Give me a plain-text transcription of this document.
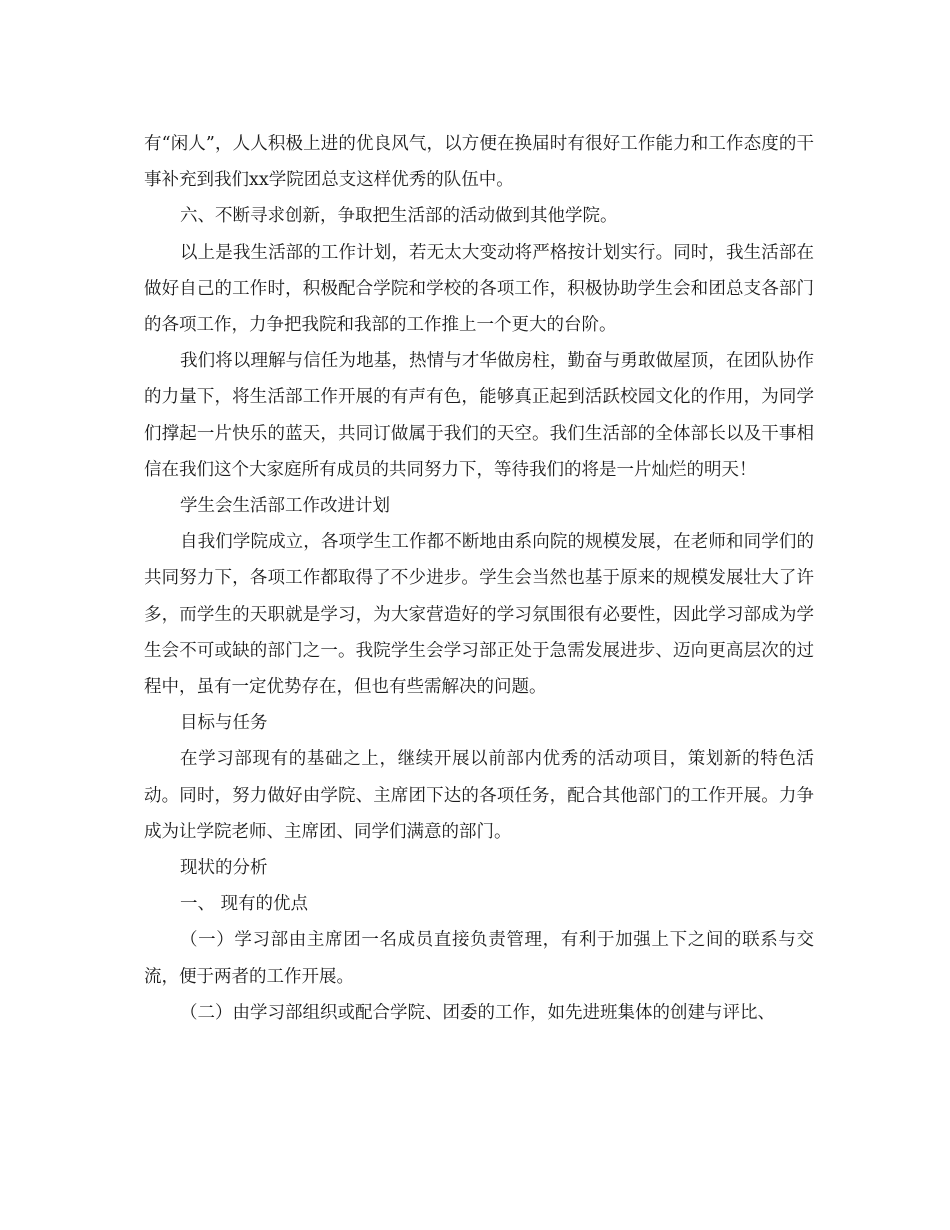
有“闲人”，人人积极上进的优良风气，以方便在换届时有很好工作能力和工作态度的干事补充到我们xx学院团总支这样优秀的队伍中。

六、不断寻求创新，争取把生活部的活动做到其他学院。

以上是我生活部的工作计划，若无太大变动将严格按计划实行。同时，我生活部在做好自己的工作时，积极配合学院和学校的各项工作，积极协助学生会和团总支各部门的各项工作，力争把我院和我部的工作推上一个更大的台阶。

我们将以理解与信任为地基，热情与才华做房柱，勤奋与勇敢做屋顶，在团队协作的力量下，将生活部工作开展的有声有色，能够真正起到活跃校园文化的作用，为同学们撑起一片快乐的蓝天，共同订做属于我们的天空。我们生活部的全体部长以及干事相信在我们这个大家庭所有成员的共同努力下，等待我们的将是一片灿烂的明天！

学生会生活部工作改进计划

自我们学院成立，各项学生工作都不断地由系向院的规模发展，在老师和同学们的共同努力下，各项工作都取得了不少进步。学生会当然也基于原来的规模发展壮大了许多，而学生的天职就是学习，为大家营造好的学习氛围很有必要性，因此学习部成为学生会不可或缺的部门之一。我院学生会学习部正处于急需发展进步、迈向更高层次的过程中，虽有一定优势存在，但也有些需解决的问题。

目标与任务

在学习部现有的基础之上，继续开展以前部内优秀的活动项目，策划新的特色活动。同时，努力做好由学院、主席团下达的各项任务，配合其他部门的工作开展。力争成为让学院老师、主席团、同学们满意的部门。

现状的分析

一、 现有的优点

（一）学习部由主席团一名成员直接负责管理，有利于加强上下之间的联系与交流，便于两者的工作开展。

（二）由学习部组织或配合学院、团委的工作，如先进班集体的创建与评比、
